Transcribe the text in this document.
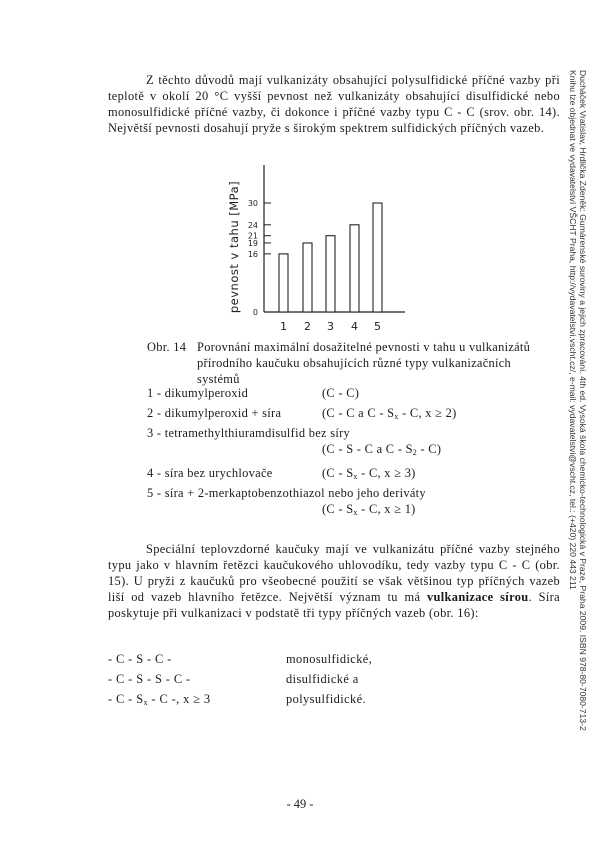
Z těchto důvodů mají vulkanizáty obsahující polysulfidické příčné vazby při teplotě v okolí 20 °C vyšší pevnost než vulkanizáty obsahující disulfidické nebo monosulfidické příčné vazby, či dokonce i příčné vazby typu C - C (srov. obr. 14). Největší pevnosti dosahují pryže s širokým spektrem sulfidických příčných vazeb.
0
16
19
21
24
30
1 2 3 4 5
pevnost v tahu [MPa]
Obr. 14 Porovnání maximální dosažitelné pevnosti v tahu u vulkanizátů přírodního kaučuku obsahujících různé typy vulkanizačních systémů
1 - dikumylperoxid	(C - C)
2 - dikumylperoxid + síra	(C - C a C - $S_x$ - C, x ≥ 2)
3 - tetramethylthiuramdisulfid bez síry
(C - S - C a C - $S_2 - C$)
4 - síra bez urychlovače	($C - S_x$ - C, x ≥ 3)
5 - síra + 2-merkaptobenzothiazol nebo jeho deriváty
($C - S_x$ - C, x ≥ 1)
Speciální teplovzdorné kaučuky mají ve vulkanizátu příčné vazby stejného typu jako v hlavním řetězci kaučukového uhlovodíku, tedy vazby typu C - C (obr. 15). U pryži z kaučuků pro všeobecné použití se však většinou typ příčných vazeb liší od vazeb hlavního řetězce. Největší význam tu má vulkanizace sírou. Síra poskytuje při vulkanizaci v podstatě tři typy příčných vazeb (obr. 16):
- C - S - C -	monosulfidické,
- C - S - S - C -	disulfidické a
- C - $S_x$ - C -, x ≥ 3	polysulfidické.
- 49 -
Ducháček Vratislav, Hrdlička Zdeněk: Gumárenské suroviny a jejich zpracování. 4th ed. Vysoká škola chemicko-technologická v Praze, Praha 2009. ISBN 978-80-7080-713-2
Knihu lze objednat ve vydavatelství VŠCHT Praha, http://vydavatelstvi.vscht.cz/, e-mail: vydavatelstvi@vscht.cz, tel.: (+420) 220 443 211
